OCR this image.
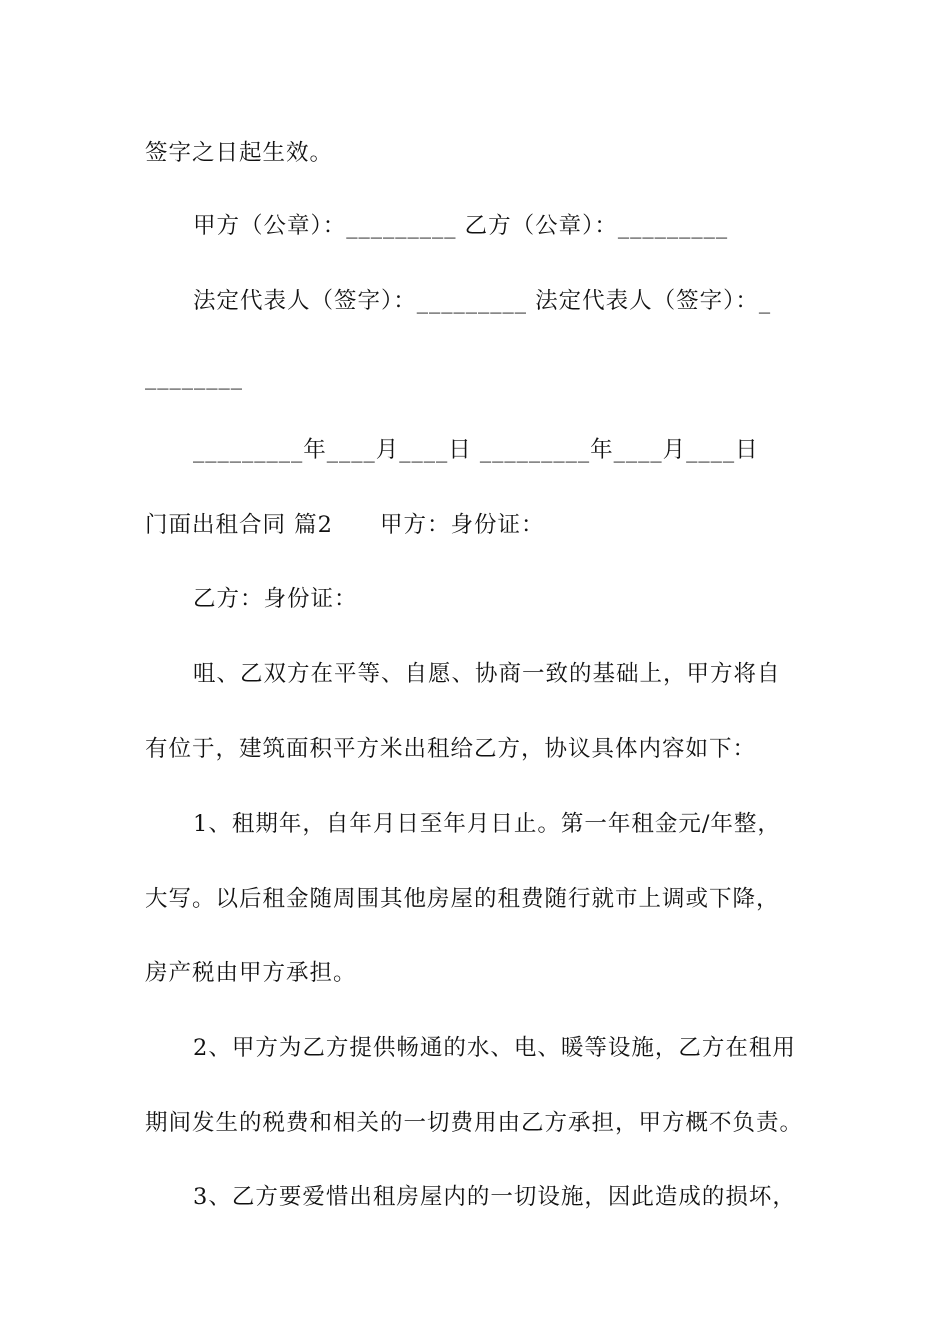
签字之日起生效。
甲方（公章）：_________ 乙方（公章）：_________
法定代表人（签字）：_________ 法定代表人（签字）：_
________
_________年____月____日 _________年____月____日
门面出租合同 篇2　　甲方：身份证：
乙方：身份证：
咀、乙双方在平等、自愿、协商一致的基础上，甲方将自
有位于，建筑面积平方米出租给乙方，协议具体内容如下：
1、租期年，自年月日至年月日止。第一年租金元/年整，
大写。以后租金随周围其他房屋的租费随行就市上调或下降，
房产税由甲方承担。
2、甲方为乙方提供畅通的水、电、暖等设施，乙方在租用
期间发生的税费和相关的一切费用由乙方承担，甲方概不负责。
3、乙方要爱惜出租房屋内的一切设施，因此造成的损坏，
